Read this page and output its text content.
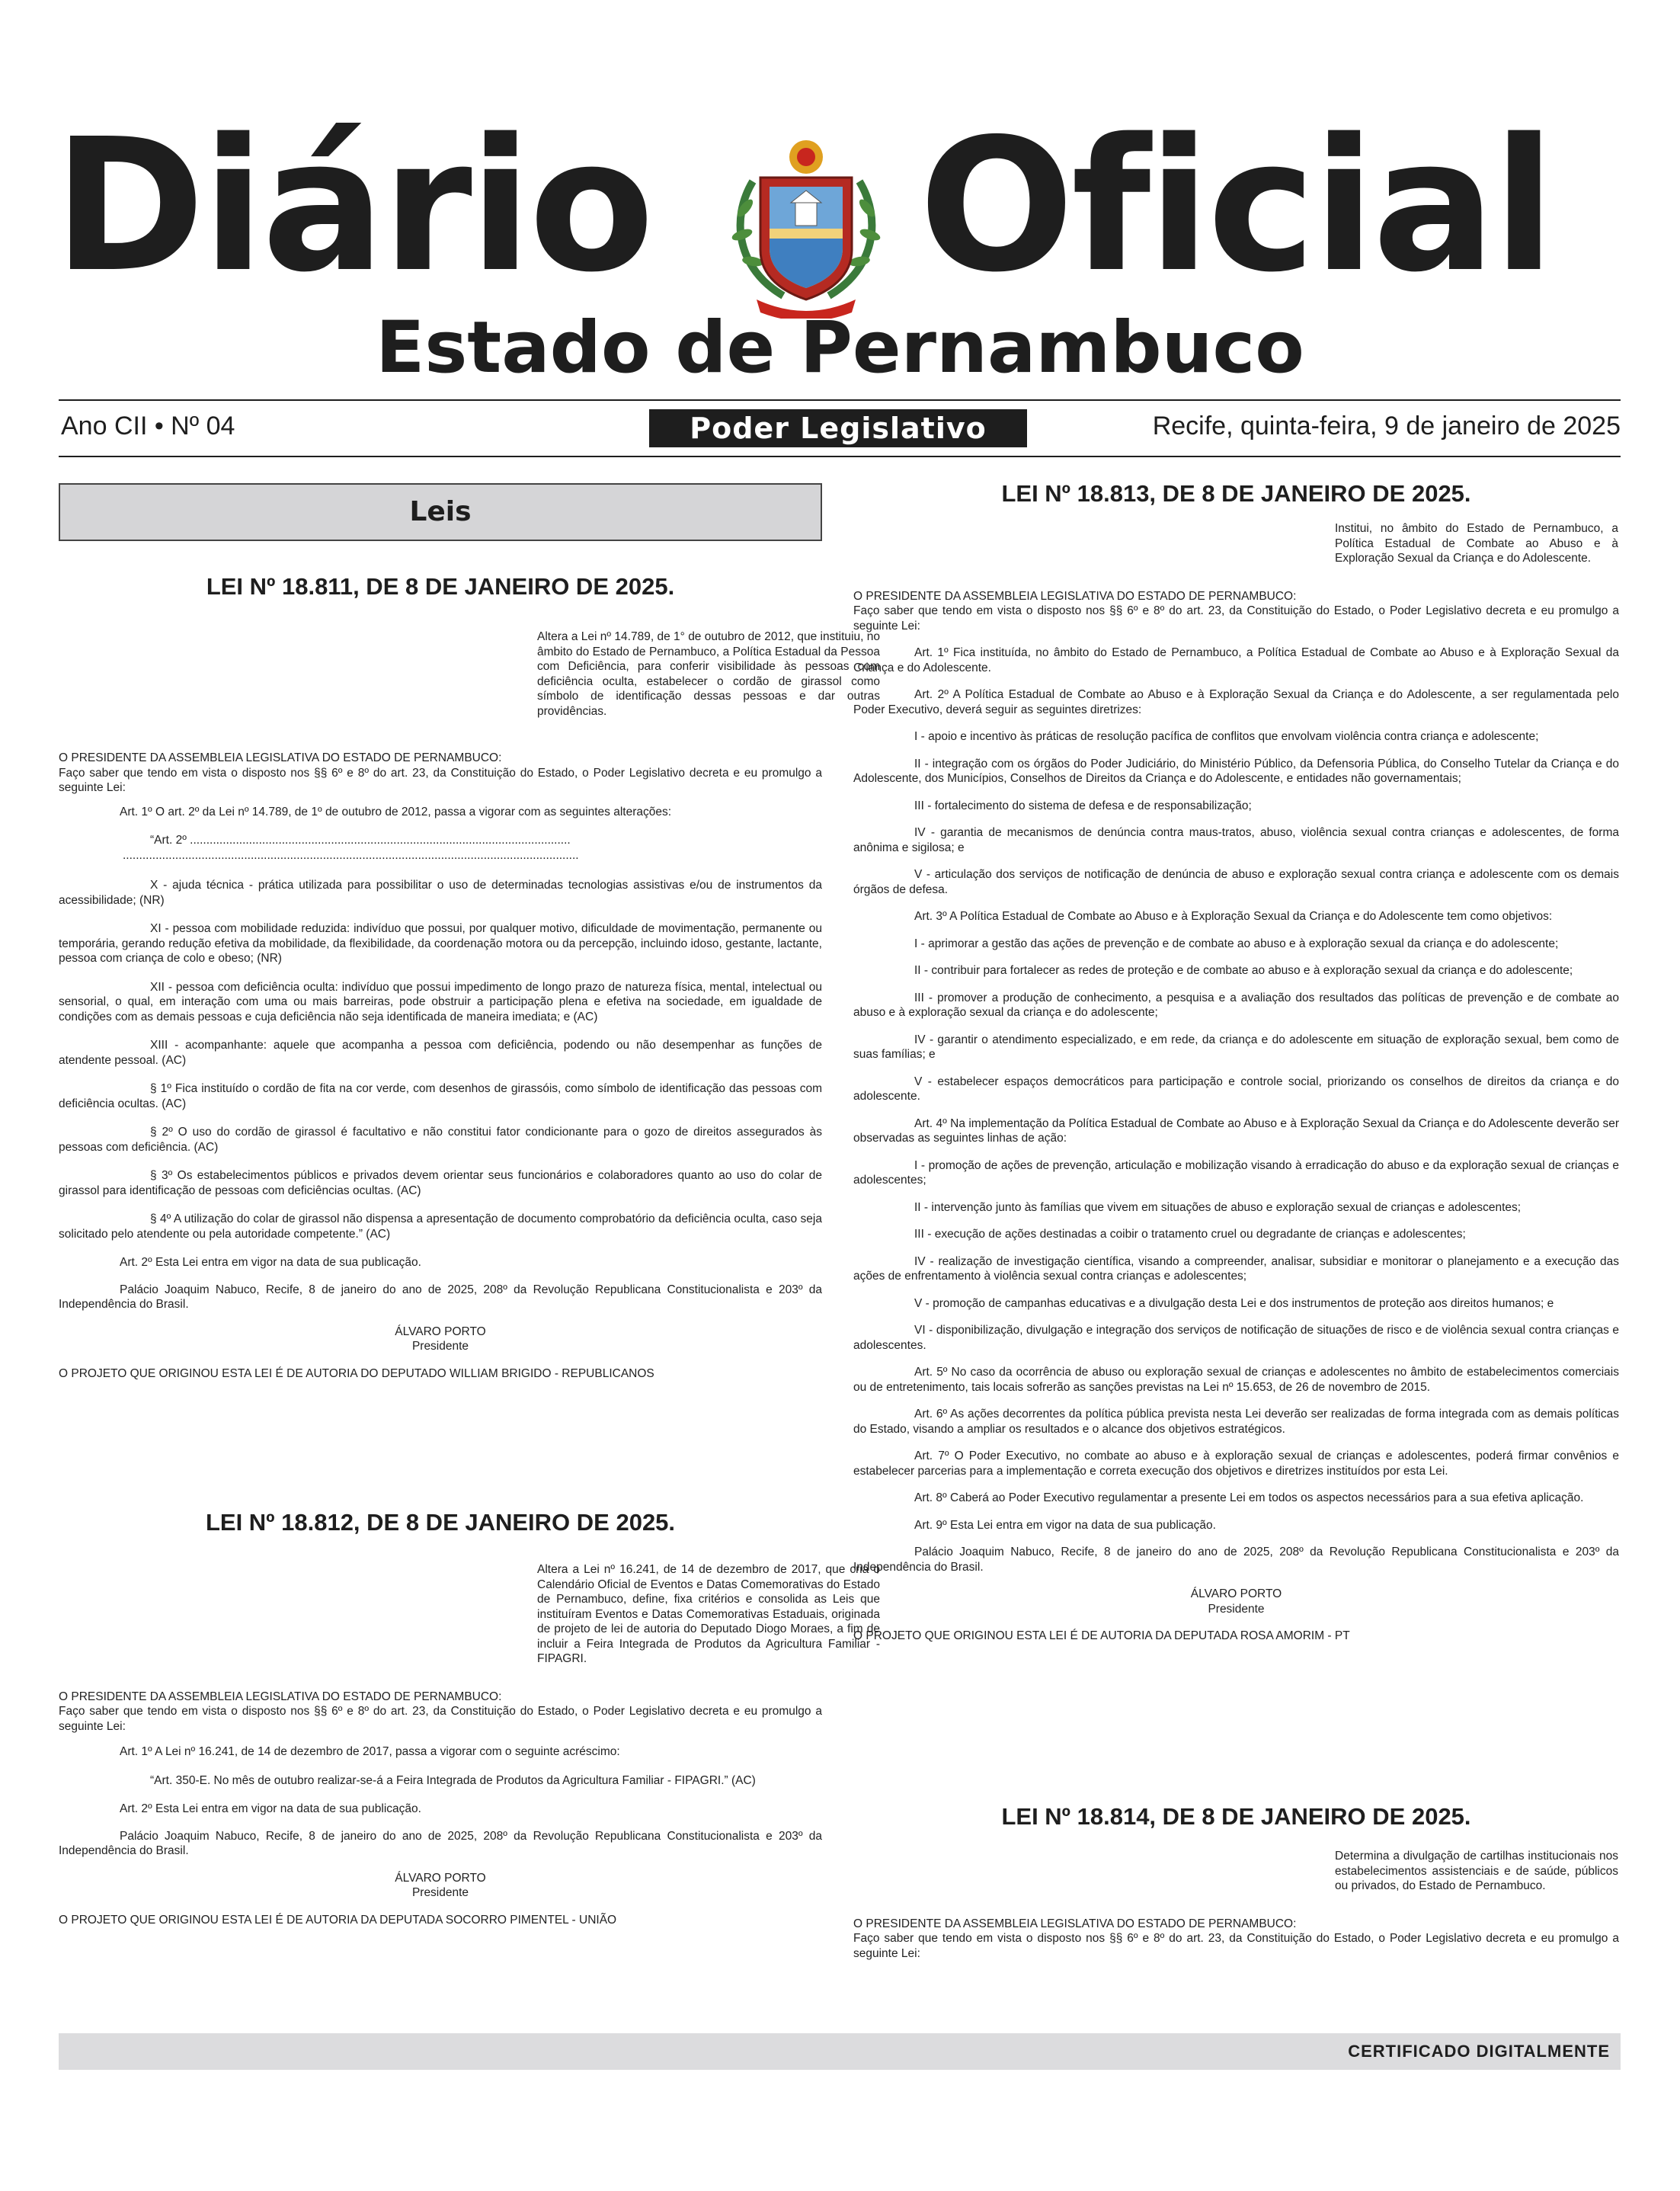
Diário Oficial
Estado de Pernambuco
Ano CII • Nº 04	Poder Legislativo	Recife, quinta-feira, 9 de janeiro de 2025
Leis

LEI Nº 18.811, DE 8 DE JANEIRO DE 2025.

Altera a Lei nº 14.789, de 1° de outubro de 2012, que instituiu, no âmbito do Estado de Pernambuco, a Política Estadual da Pessoa com Deficiência, para conferir visibilidade às pessoas com deficiência oculta, estabelecer o cordão de girassol como símbolo de identificação dessas pessoas e dar outras providências.

O PRESIDENTE DA ASSEMBLEIA LEGISLATIVA DO ESTADO DE PERNAMBUCO:

Faço saber que tendo em vista o disposto nos §§ 6º e 8º do art. 23, da Constituição do Estado, o Poder Legislativo decreta e eu promulgo a seguinte Lei:

Art. 1º O art. 2º da Lei nº 14.789, de 1º de outubro de 2012, passa a vigorar com as seguintes alterações:

“Art. 2º ....................................................................................................................

...........................................................................................................................................

X - ajuda técnica - prática utilizada para possibilitar o uso de determinadas tecnologias assistivas e/ou de instrumentos da acessibilidade; (NR)

XI - pessoa com mobilidade reduzida: indivíduo que possui, por qualquer motivo, dificuldade de movimentação, permanente ou temporária, gerando redução efetiva da mobilidade, da flexibilidade, da coordenação motora ou da percepção, incluindo idoso, gestante, lactante, pessoa com criança de colo e obeso; (NR)

XII - pessoa com deficiência oculta: indivíduo que possui impedimento de longo prazo de natureza física, mental, intelectual ou sensorial, o qual, em interação com uma ou mais barreiras, pode obstruir a participação plena e efetiva na sociedade, em igualdade de condições com as demais pessoas e cuja deficiência não seja identificada de maneira imediata; e (AC)

XIII - acompanhante: aquele que acompanha a pessoa com deficiência, podendo ou não desempenhar as funções de atendente pessoal. (AC)

§ 1º Fica instituído o cordão de fita na cor verde, com desenhos de girassóis, como símbolo de identificação das pessoas com deficiência ocultas. (AC)

§ 2º O uso do cordão de girassol é facultativo e não constitui fator condicionante para o gozo de direitos assegurados às pessoas com deficiência. (AC)

§ 3º Os estabelecimentos públicos e privados devem orientar seus funcionários e colaboradores quanto ao uso do colar de girassol para identificação de pessoas com deficiências ocultas. (AC)

§ 4º A utilização do colar de girassol não dispensa a apresentação de documento comprobatório da deficiência oculta, caso seja solicitado pelo atendente ou pela autoridade competente.” (AC)

Art. 2º Esta Lei entra em vigor na data de sua publicação.

Palácio Joaquim Nabuco, Recife, 8 de janeiro do ano de 2025, 208º da Revolução Republicana Constitucionalista e 203º da Independência do Brasil.

ÁLVARO PORTO

Presidente

O PROJETO QUE ORIGINOU ESTA LEI É DE AUTORIA DO DEPUTADO WILLIAM BRIGIDO - REPUBLICANOS

LEI Nº 18.812, DE 8 DE JANEIRO DE 2025.

Altera a Lei nº 16.241, de 14 de dezembro de 2017, que cria o Calendário Oficial de Eventos e Datas Comemorativas do Estado de Pernambuco, define, fixa critérios e consolida as Leis que instituíram Eventos e Datas Comemorativas Estaduais, originada de projeto de lei de autoria do Deputado Diogo Moraes, a fim de incluir a Feira Integrada de Produtos da Agricultura Familiar - FIPAGRI.

O PRESIDENTE DA ASSEMBLEIA LEGISLATIVA DO ESTADO DE PERNAMBUCO:

Faço saber que tendo em vista o disposto nos §§ 6º e 8º do art. 23, da Constituição do Estado, o Poder Legislativo decreta e eu promulgo a seguinte Lei:

Art. 1º A Lei nº 16.241, de 14 de dezembro de 2017, passa a vigorar com o seguinte acréscimo:

“Art. 350-E. No mês de outubro realizar-se-á a Feira Integrada de Produtos da Agricultura Familiar - FIPAGRI.” (AC)

Art. 2º Esta Lei entra em vigor na data de sua publicação.

Palácio Joaquim Nabuco, Recife, 8 de janeiro do ano de 2025, 208º da Revolução Republicana Constitucionalista e 203º da Independência do Brasil.

ÁLVARO PORTO

Presidente

O PROJETO QUE ORIGINOU ESTA LEI É DE AUTORIA DA DEPUTADA SOCORRO PIMENTEL - UNIÃO

LEI Nº 18.813, DE 8 DE JANEIRO DE 2025.

Institui, no âmbito do Estado de Pernambuco, a Política Estadual de Combate ao Abuso e à Exploração Sexual da Criança e do Adolescente.

O PRESIDENTE DA ASSEMBLEIA LEGISLATIVA DO ESTADO DE PERNAMBUCO:

Faço saber que tendo em vista o disposto nos §§ 6º e 8º do art. 23, da Constituição do Estado, o Poder Legislativo decreta e eu promulgo a seguinte Lei:

Art. 1º Fica instituída, no âmbito do Estado de Pernambuco, a Política Estadual de Combate ao Abuso e à Exploração Sexual da Criança e do Adolescente.

Art. 2º A Política Estadual de Combate ao Abuso e à Exploração Sexual da Criança e do Adolescente, a ser regulamentada pelo Poder Executivo, deverá seguir as seguintes diretrizes:

I - apoio e incentivo às práticas de resolução pacífica de conflitos que envolvam violência contra criança e adolescente;

II - integração com os órgãos do Poder Judiciário, do Ministério Público, da Defensoria Pública, do Conselho Tutelar da Criança e do Adolescente, dos Municípios, Conselhos de Direitos da Criança e do Adolescente, e entidades não governamentais;

III - fortalecimento do sistema de defesa e de responsabilização;

IV - garantia de mecanismos de denúncia contra maus-tratos, abuso, violência sexual contra crianças e adolescentes, de forma anônima e sigilosa; e

V - articulação dos serviços de notificação de denúncia de abuso e exploração sexual contra criança e adolescente com os demais órgãos de defesa.

Art. 3º A Política Estadual de Combate ao Abuso e à Exploração Sexual da Criança e do Adolescente tem como objetivos:

I - aprimorar a gestão das ações de prevenção e de combate ao abuso e à exploração sexual da criança e do adolescente;

II - contribuir para fortalecer as redes de proteção e de combate ao abuso e à exploração sexual da criança e do adolescente;

III - promover a produção de conhecimento, a pesquisa e a avaliação dos resultados das políticas de prevenção e de combate ao abuso e à exploração sexual da criança e do adolescente;

IV - garantir o atendimento especializado, e em rede, da criança e do adolescente em situação de exploração sexual, bem como de suas famílias; e

V - estabelecer espaços democráticos para participação e controle social, priorizando os conselhos de direitos da criança e do adolescente.

Art. 4º Na implementação da Política Estadual de Combate ao Abuso e à Exploração Sexual da Criança e do Adolescente deverão ser observadas as seguintes linhas de ação:

I - promoção de ações de prevenção, articulação e mobilização visando à erradicação do abuso e da exploração sexual de crianças e adolescentes;

II - intervenção junto às famílias que vivem em situações de abuso e exploração sexual de crianças e adolescentes;

III - execução de ações destinadas a coibir o tratamento cruel ou degradante de crianças e adolescentes;

IV - realização de investigação científica, visando a compreender, analisar, subsidiar e monitorar o planejamento e a execução das ações de enfrentamento à violência sexual contra crianças e adolescentes;

V - promoção de campanhas educativas e a divulgação desta Lei e dos instrumentos de proteção aos direitos humanos; e

VI - disponibilização, divulgação e integração dos serviços de notificação de situações de risco e de violência sexual contra crianças e adolescentes.

Art. 5º No caso da ocorrência de abuso ou exploração sexual de crianças e adolescentes no âmbito de estabelecimentos comerciais ou de entretenimento, tais locais sofrerão as sanções previstas na Lei nº 15.653, de 26 de novembro de 2015.

Art. 6º As ações decorrentes da política pública prevista nesta Lei deverão ser realizadas de forma integrada com as demais políticas do Estado, visando a ampliar os resultados e o alcance dos objetivos estratégicos.

Art. 7º O Poder Executivo, no combate ao abuso e à exploração sexual de crianças e adolescentes, poderá firmar convênios e estabelecer parcerias para a implementação e correta execução dos objetivos e diretrizes instituídos por esta Lei.

Art. 8º Caberá ao Poder Executivo regulamentar a presente Lei em todos os aspectos necessários para a sua efetiva aplicação.

Art. 9º Esta Lei entra em vigor na data de sua publicação.

Palácio Joaquim Nabuco, Recife, 8 de janeiro do ano de 2025, 208º da Revolução Republicana Constitucionalista e 203º da Independência do Brasil.

ÁLVARO PORTO

Presidente

O PROJETO QUE ORIGINOU ESTA LEI É DE AUTORIA DA DEPUTADA ROSA AMORIM - PT

LEI Nº 18.814, DE 8 DE JANEIRO DE 2025.

Determina a divulgação de cartilhas institucionais nos estabelecimentos assistenciais e de saúde, públicos ou privados, do Estado de Pernambuco.

O PRESIDENTE DA ASSEMBLEIA LEGISLATIVA DO ESTADO DE PERNAMBUCO:

Faço saber que tendo em vista o disposto nos §§ 6º e 8º do art. 23, da Constituição do Estado, o Poder Legislativo decreta e eu promulgo a seguinte Lei:

CERTIFICADO DIGITALMENTE
